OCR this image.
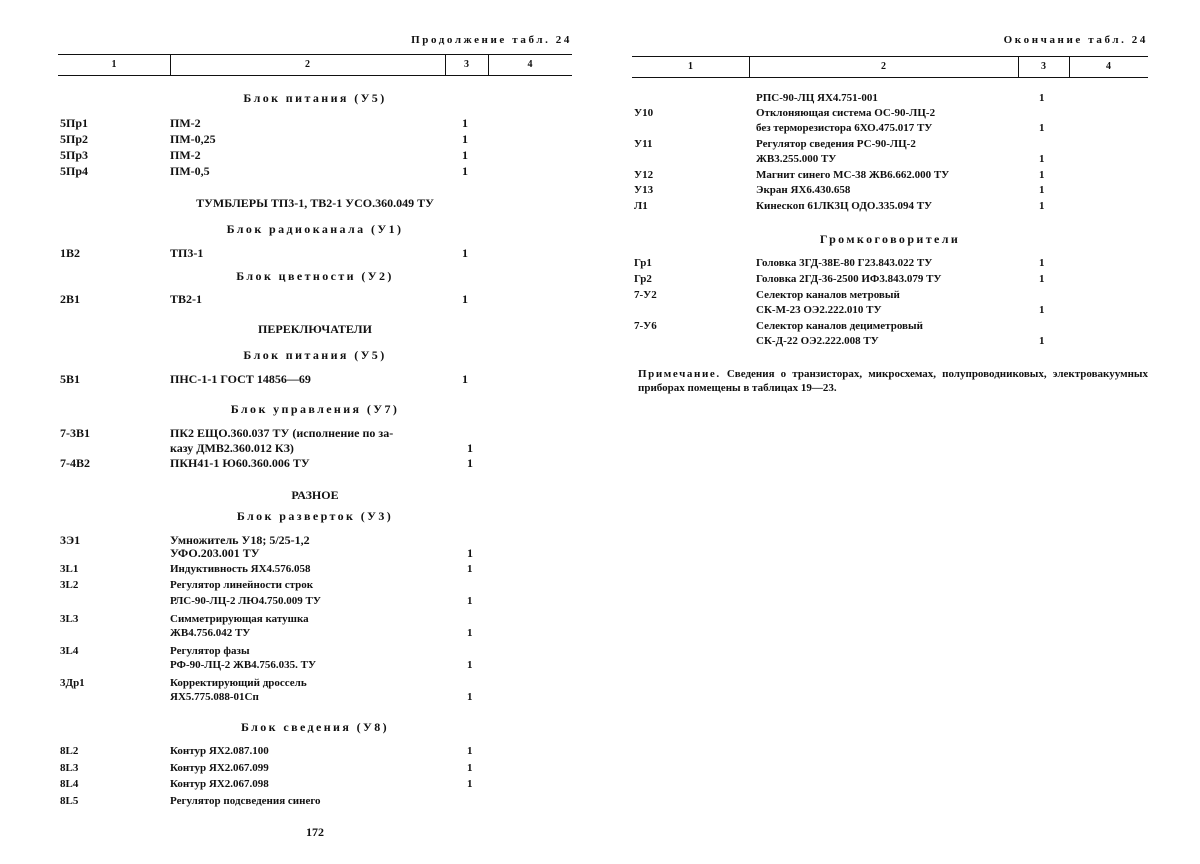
Продолжение табл. 24
1	2	3	4
Блок питания (У5)
5Пр1	ПМ-2	1
5Пр2	ПМ-0,25	1
5Пр3	ПМ-2	1
5Пр4	ПМ-0,5	1
ТУМБЛЕРЫ ТП3-1, ТВ2-1 УСО.360.049 ТУ
Блок радиоканала (У1)
1В2	ТП3-1	1
Блок цветности (У2)
2В1	ТВ2-1	1
ПЕРЕКЛЮЧАТЕЛИ
Блок питания (У5)
5В1	ПНС-1-1 ГОСТ 14856—69	1
Блок управления (У7)
7-3В1	ПК2 ЕЩО.360.037 ТУ (исполнение по за-
казу ДМВ2.360.012 КЗ)	1
7-4В2	ПКН41-1 Ю60.360.006 ТУ	1
РАЗНОЕ
Блок разверток (У3)
3Э1	Умножитель У18; 5/25-1,2
УФО.203.001 ТУ	1
3L1	Индуктивность ЯХ4.576.058	1
3L2	Регулятор линейности строк
РЛС-90-ЛЦ-2 ЛЮ4.750.009 ТУ	1
3L3	Симметрирующая катушка
ЖВ4.756.042 ТУ	1
3L4	Регулятор фазы
РФ-90-ЛЦ-2 ЖВ4.756.035. ТУ	1
3Др1	Корректирующий дроссель
ЯХ5.775.088-01Сп	1
Блок сведения (У8)
8L2	Контур ЯХ2.087.100	1
8L3	Контур ЯХ2.067.099	1
8L4	Контур ЯХ2.067.098	1
8L5	Регулятор подсведения синего
172
Окончание табл. 24
1	2	3	4
РПС-90-ЛЦ ЯХ4.751-001	1
У10	Отклоняющая система ОС-90-ЛЦ-2
без терморезистора 6ХО.475.017 ТУ	1
У11	Регулятор сведения РС-90-ЛЦ-2
ЖВ3.255.000 ТУ	1
У12	Магнит синего МС-38 ЖВ6.662.000 ТУ	1
У13	Экран ЯХ6.430.658	1
Л1	Кинескоп 61ЛК3Ц ОДО.335.094 ТУ	1
Громкоговорители
Гр1	Головка 3ГД-38Е-80 Г23.843.022 ТУ	1
Гр2	Головка 2ГД-36-2500 ИФ3.843.079 ТУ	1
7-У2	Селектор каналов метровый
СК-М-23 ОЭ2.222.010 ТУ	1
7-У6	Селектор каналов дециметровый
СК-Д-22 ОЭ2.222.008 ТУ	1
Примечание. Сведения о транзисторах, микросхемах, полупроводниковых, электровакуумных приборах помещены в таблицах 19—23.
